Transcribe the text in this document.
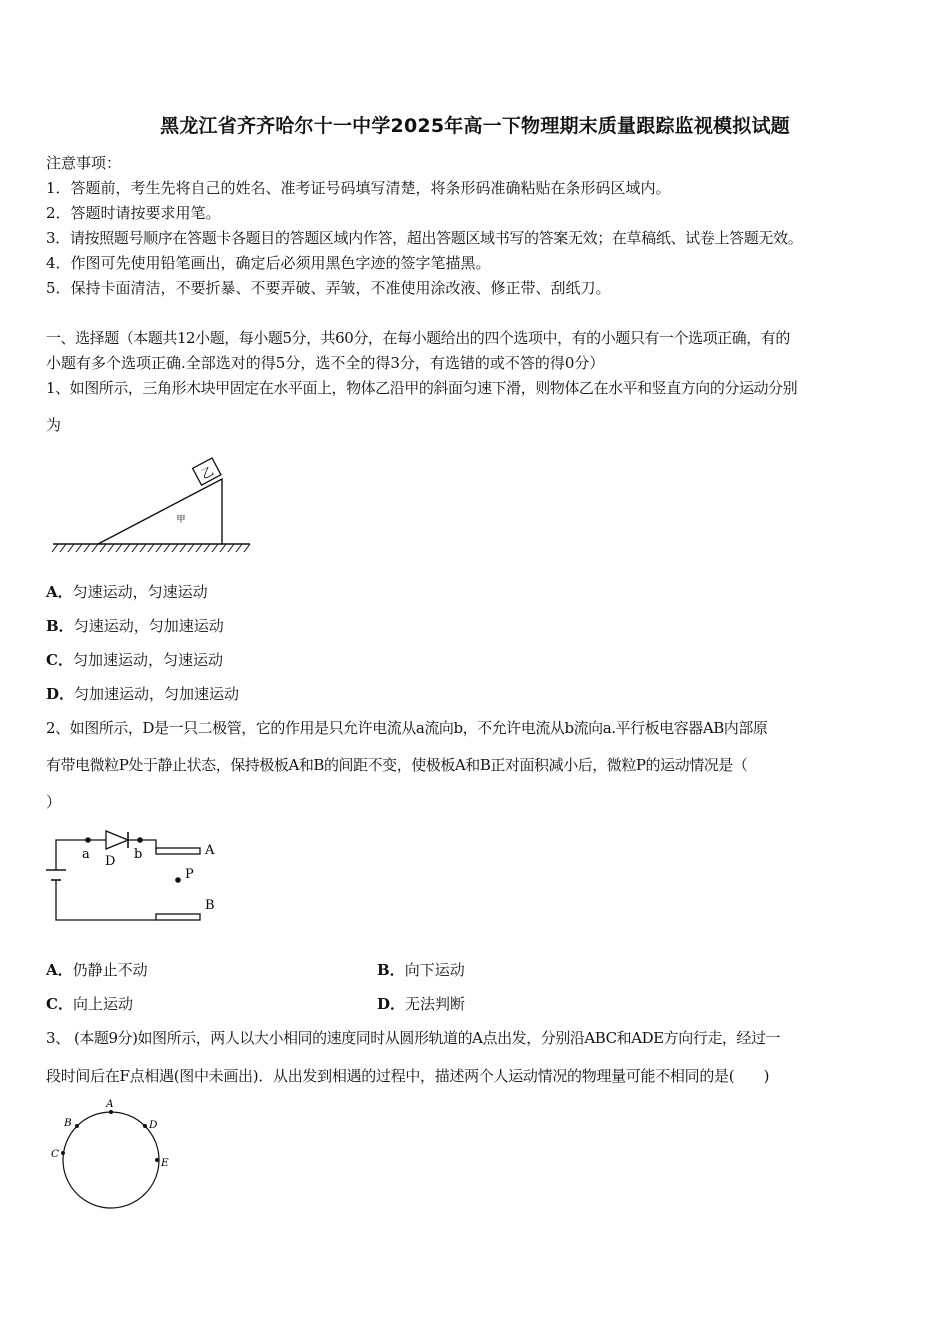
黑龙江省齐齐哈尔十一中学2025年高一下物理期末质量跟踪监视模拟试题
注意事项：
1．答题前，考生先将自己的姓名、准考证号码填写清楚，将条形码准确粘贴在条形码区域内。
2．答题时请按要求用笔。
3．请按照题号顺序在答题卡各题目的答题区域内作答，超出答题区域书写的答案无效；在草稿纸、试卷上答题无效。
4．作图可先使用铅笔画出，确定后必须用黑色字迹的签字笔描黑。
5．保持卡面清洁，不要折暴、不要弄破、弄皱，不准使用涂改液、修正带、刮纸刀。
一、选择题（本题共12小题，每小题5分，共60分，在每小题给出的四个选项中，有的小题只有一个选项正确，有的
小题有多个选项正确.全部选对的得5分，选不全的得3分，有选错的或不答的得0分）
1、如图所示，三角形木块甲固定在水平面上，物体乙沿甲的斜面匀速下滑，则物体乙在水平和竖直方向的分运动分别
为
乙
甲
A．匀速运动，匀速运动
B．匀速运动，匀加速运动
C．匀加速运动，匀速运动
D．匀加速运动，匀加速运动
2、如图所示，D是一只二极管，它的作用是只允许电流从a流向b，不允许电流从b流向a.平行板电容器AB内部原
有带电微粒P处于静止状态，保持极板A和B的间距不变，使极板A和B正对面积减小后，微粒P的运动情况是（
）
a D b	A
P
B
A．仍静止不动	B．向下运动
C．向上运动	D．无法判断
3、 (本题9分)如图所示，两人以大小相同的速度同时从圆形轨道的A点出发，分别沿ABC和ADE方向行走，经过一
段时间后在F点相遇(图中未画出)．从出发到相遇的过程中，描述两个人运动情况的物理量可能不相同的是(　　)
A
B
C
D
E
